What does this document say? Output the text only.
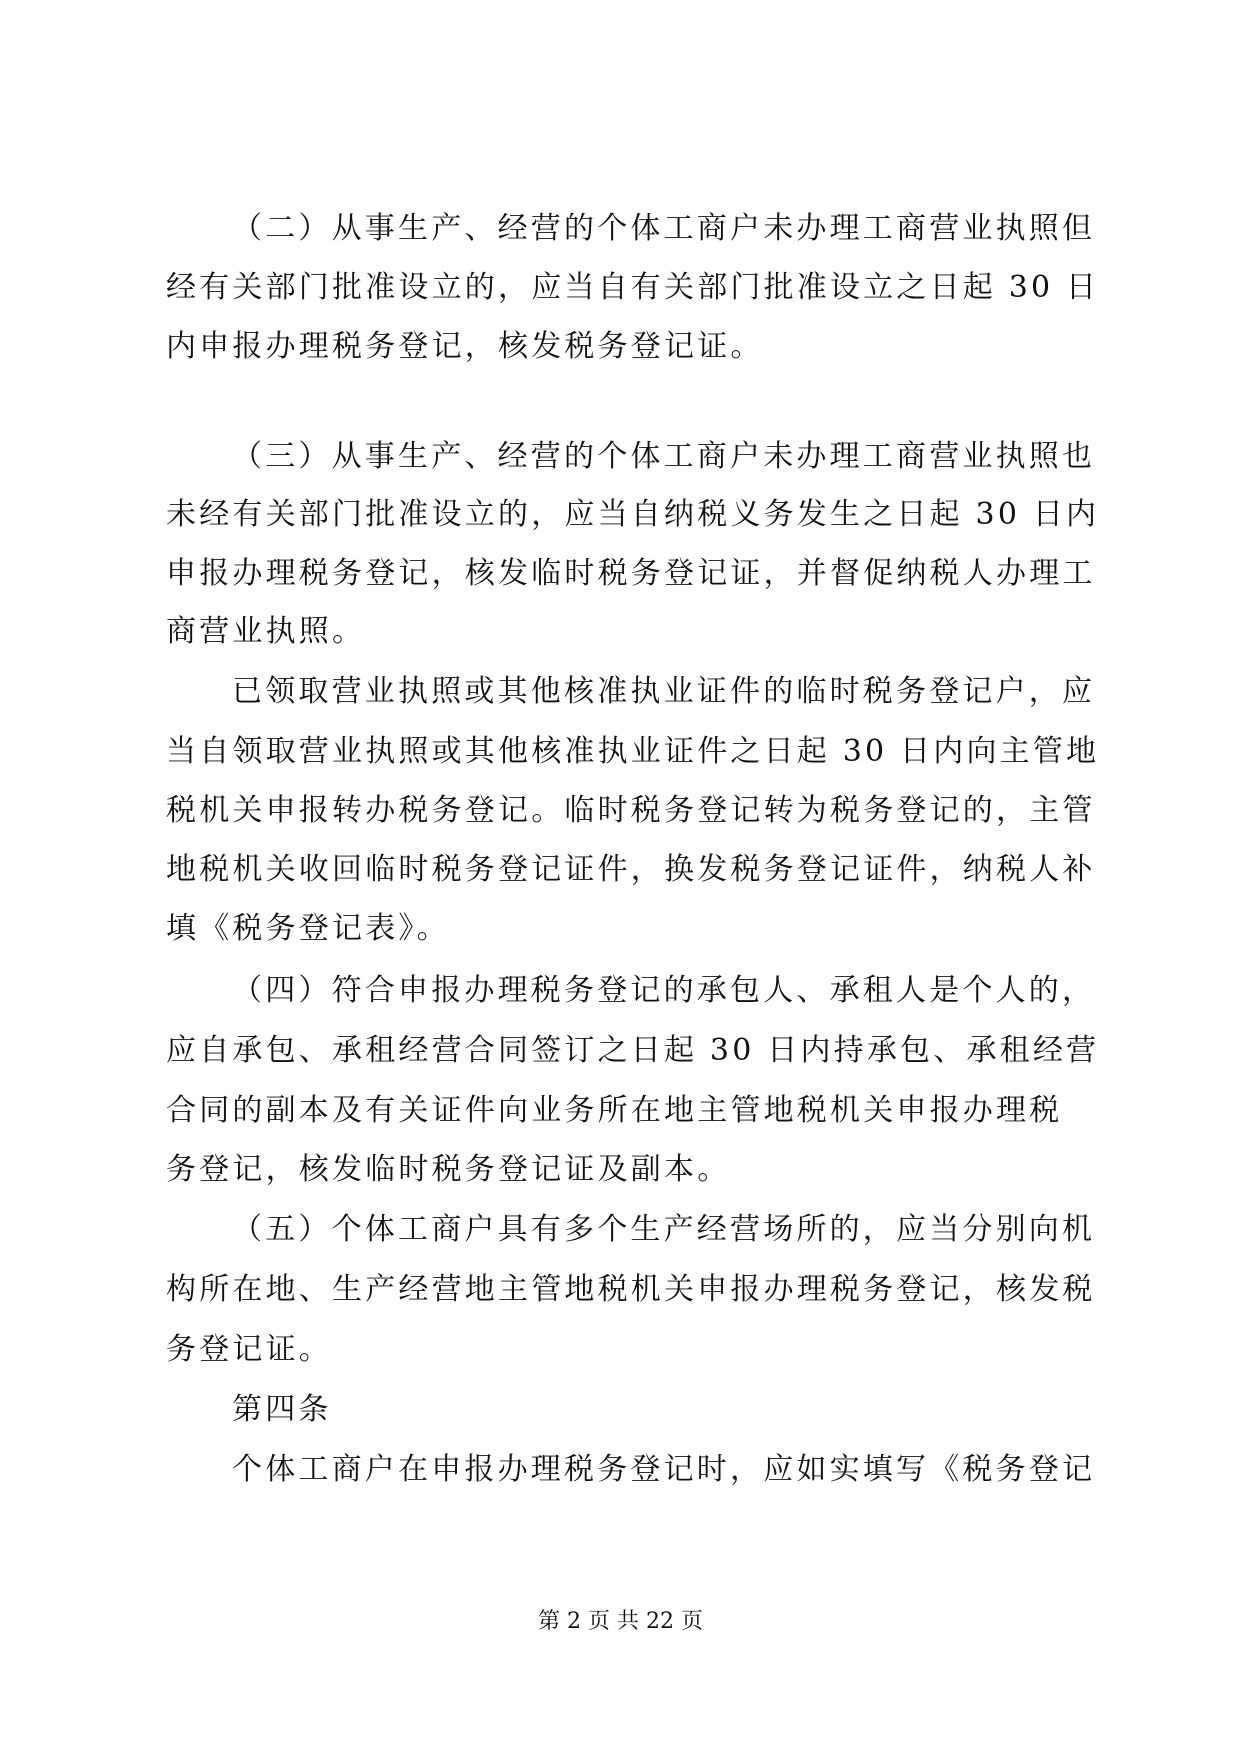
（二）从事生产、经营的个体工商户未办理工商营业执照但
经有关部门批准设立的，应当自有关部门批准设立之日起 30 日
内申报办理税务登记，核发税务登记证。
（三）从事生产、经营的个体工商户未办理工商营业执照也
未经有关部门批准设立的，应当自纳税义务发生之日起 30 日内
申报办理税务登记，核发临时税务登记证，并督促纳税人办理工
商营业执照。
已领取营业执照或其他核准执业证件的临时税务登记户，应
当自领取营业执照或其他核准执业证件之日起 30 日内向主管地
税机关申报转办税务登记。临时税务登记转为税务登记的，主管
地税机关收回临时税务登记证件，换发税务登记证件，纳税人补
填《税务登记表》。
（四）符合申报办理税务登记的承包人、承租人是个人的，
应自承包、承租经营合同签订之日起 30 日内持承包、承租经营
合同的副本及有关证件向业务所在地主管地税机关申报办理税
务登记，核发临时税务登记证及副本。
（五）个体工商户具有多个生产经营场所的，应当分别向机
构所在地、生产经营地主管地税机关申报办理税务登记，核发税
务登记证。
第四条
个体工商户在申报办理税务登记时，应如实填写《税务登记
第 2 页 共 22 页
